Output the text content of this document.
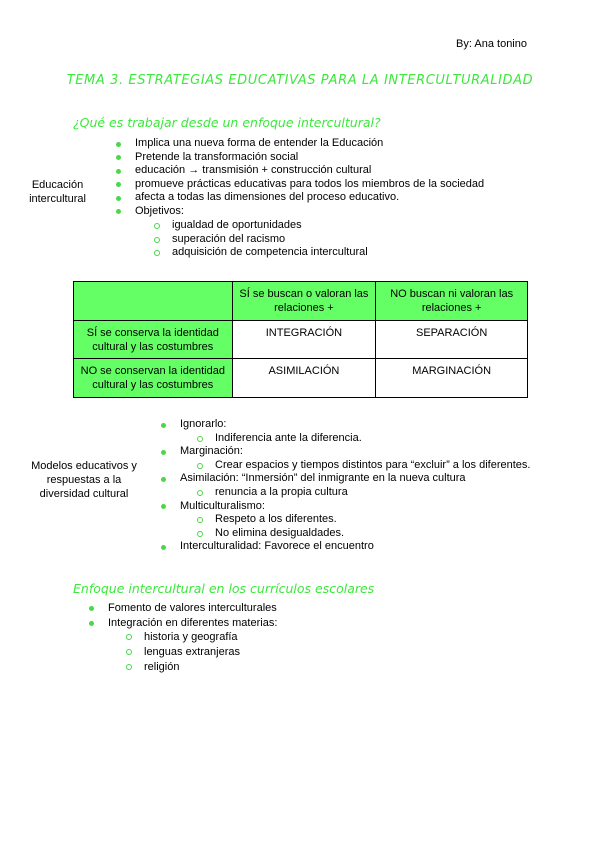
By: Ana tonino
TEMA 3. ESTRATEGIAS EDUCATIVAS PARA LA INTERCULTURALIDAD
¿Qué es trabajar desde un enfoque intercultural?
Educación intercultural
Implica una nueva forma de entender la Educación
Pretende la transformación social
educación → transmisión + construcción cultural
promueve prácticas educativas para todos los miembros de la sociedad
afecta a todas las dimensiones del proceso educativo.
Objetivos:
igualdad de oportunidades
superación del racismo
adquisición de competencia intercultural
	SÍ se buscan o valoran las relaciones +	NO buscan ni valoran las relaciones +
SÍ se conserva la identidad cultural y las costumbres	INTEGRACIÓN	SEPARACIÓN
NO se conservan la identidad cultural y las costumbres	ASIMILACIÓN	MARGINACIÓN
Modelos educativos y respuestas a la diversidad cultural
Ignorarlo:
Indiferencia ante la diferencia.
Marginación:
Crear espacios y tiempos distintos para “excluir” a los diferentes.
Asimilación: “Inmersión” del inmigrante en la nueva cultura
renuncia a la propia cultura
Multiculturalismo:
Respeto a los diferentes.
No elimina desigualdades.
Interculturalidad: Favorece el encuentro
Enfoque intercultural en los currículos escolares
Fomento de valores interculturales
Integración en diferentes materias:
historia y geografía
lenguas extranjeras
religión
